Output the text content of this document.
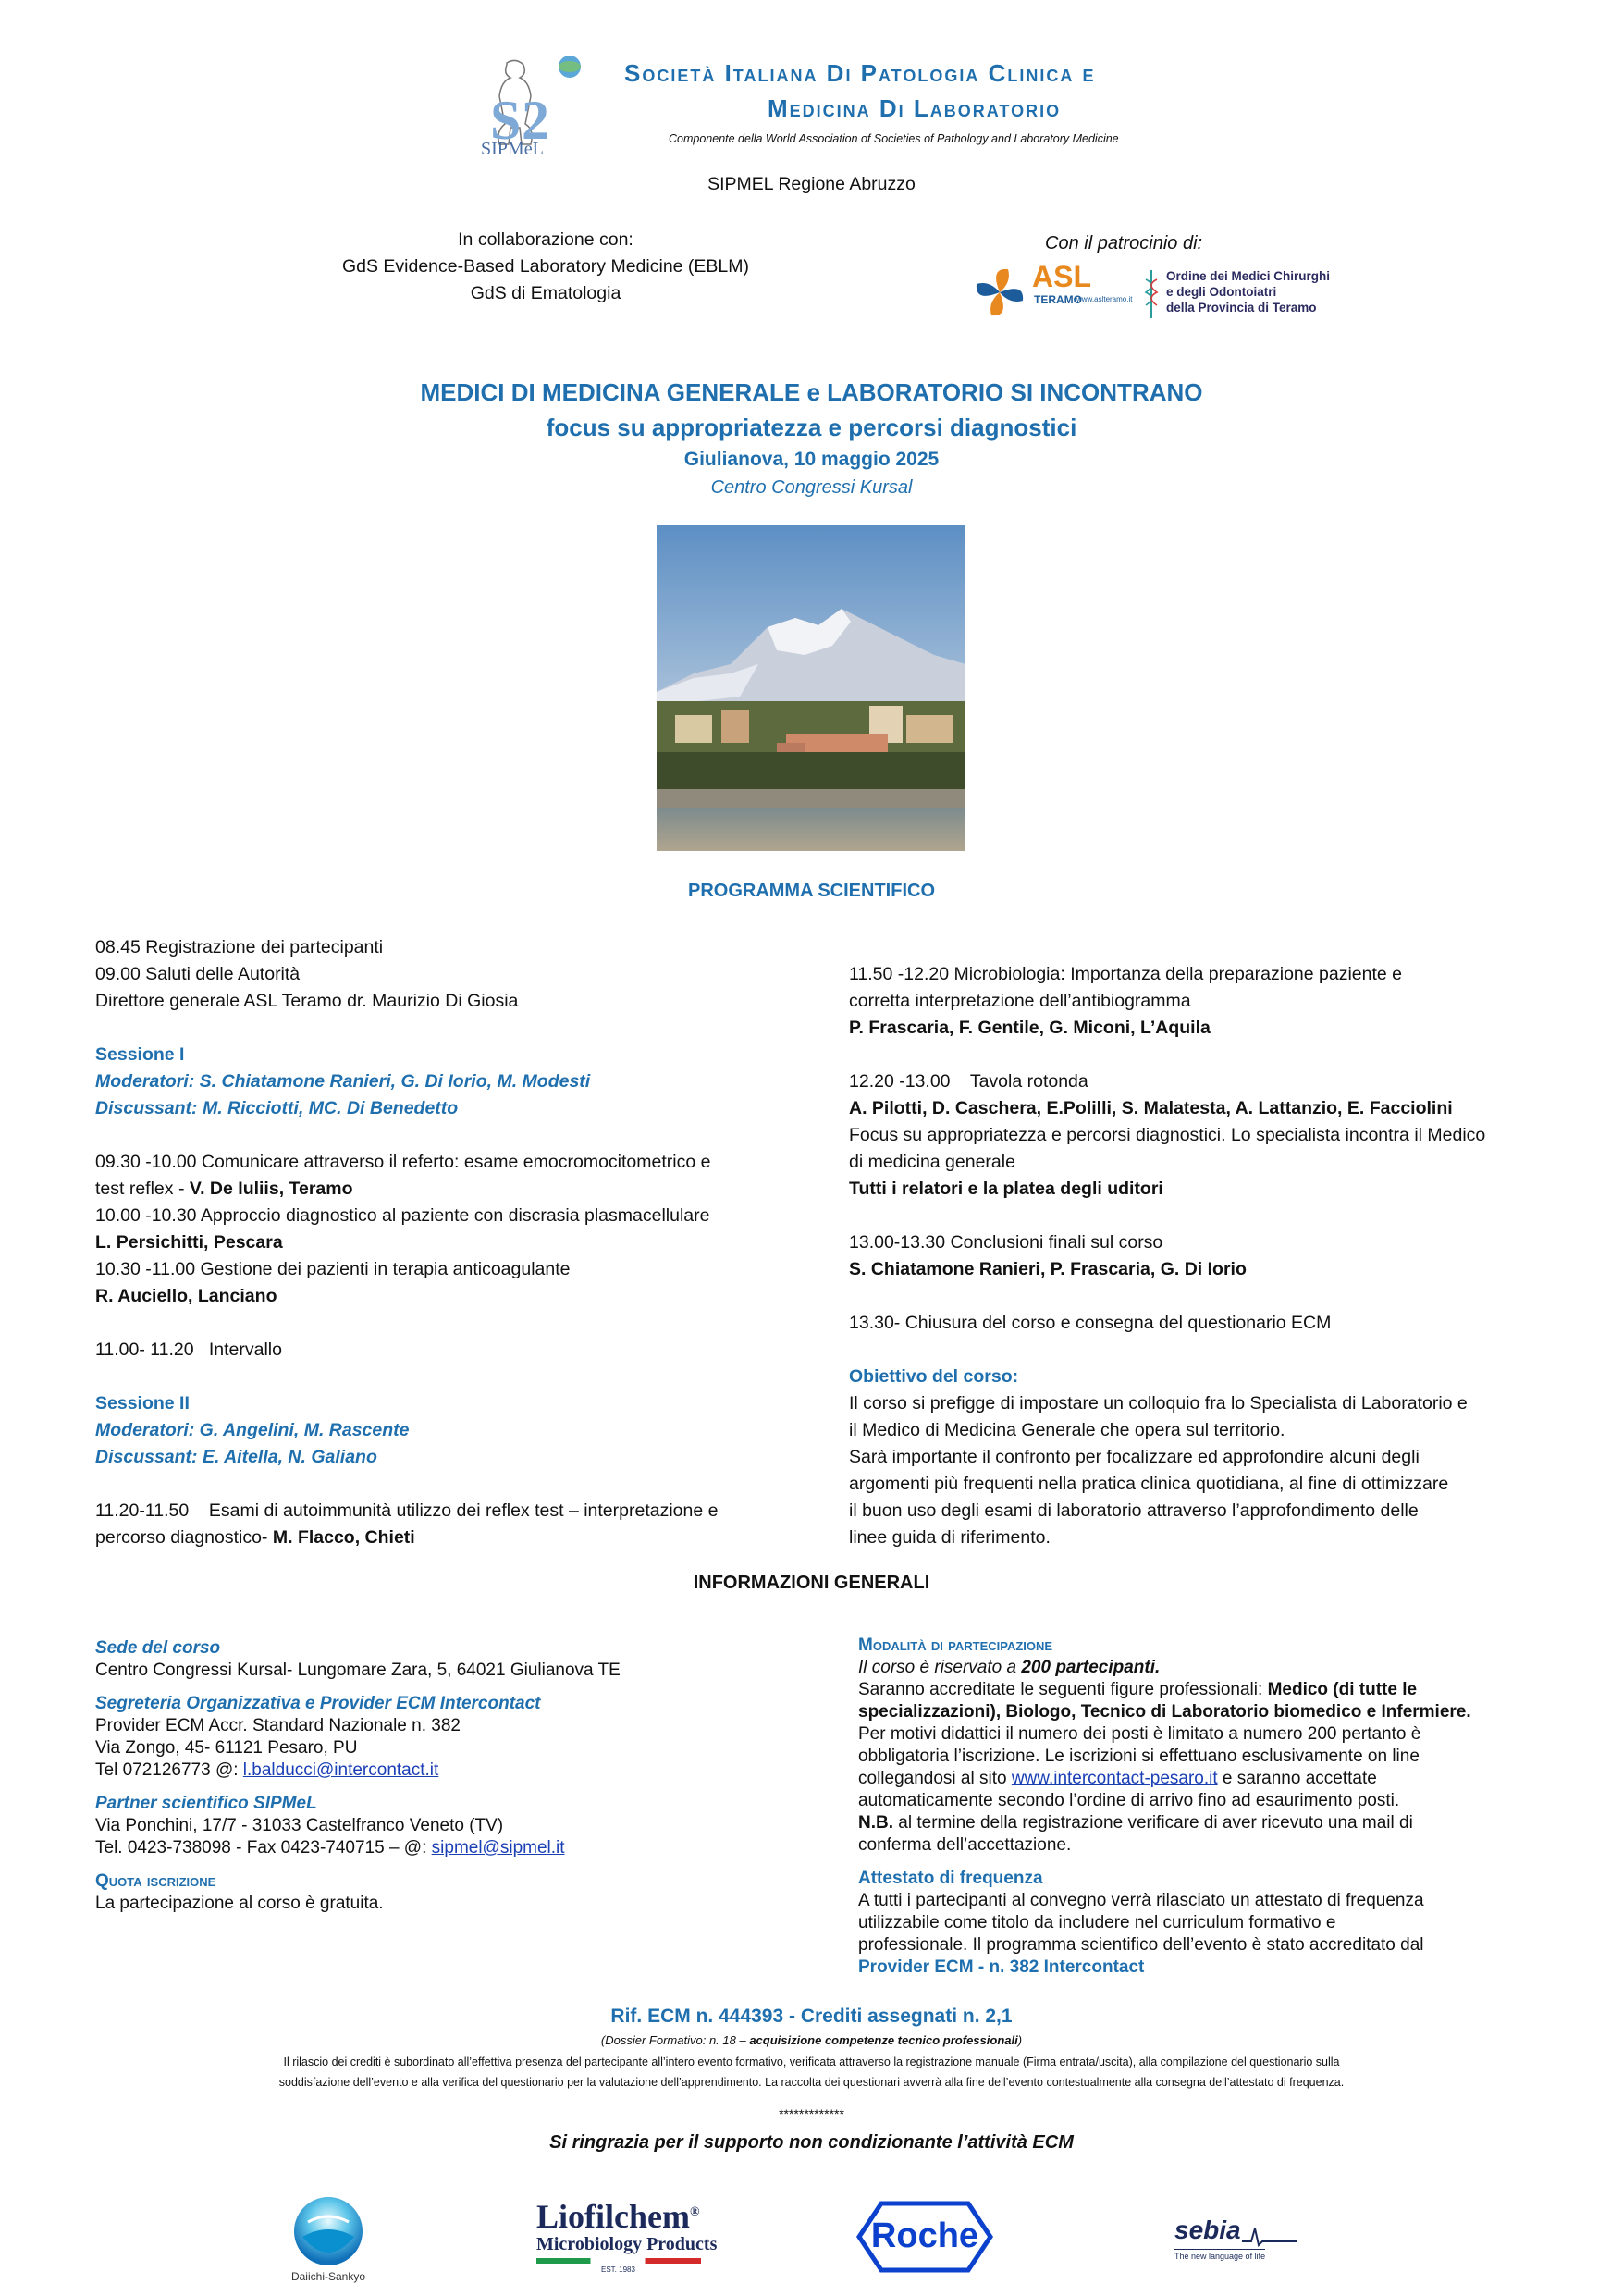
S 2
SIPMeL
Società Italiana Di Patologia Clinica e
Medicina Di Laboratorio
Componente della World Association of Societies of Pathology and Laboratory Medicine
SIPMEL Regione Abruzzo
In collaborazione con:
GdS Evidence-Based Laboratory Medicine (EBLM)
GdS di Ematologia
Con il patrocinio di:
ASL
TERAMO
www.aslteramo.it
Ordine dei Medici Chirurghi
e degli Odontoiatri
della Provincia di Teramo
MEDICI DI MEDICINA GENERALE e LABORATORIO SI INCONTRANO
focus su appropriatezza e percorsi diagnostici
Giulianova, 10 maggio 2025
Centro Congressi Kursal
PROGRAMMA SCIENTIFICO
08.45 Registrazione dei partecipanti
09.00 Saluti delle Autorità
Direttore generale ASL Teramo dr. Maurizio Di Giosia
Sessione I
Moderatori: S. Chiatamone Ranieri, G. Di Iorio, M. Modesti
Discussant: M. Ricciotti, MC. Di Benedetto
09.30 -10.00 Comunicare attraverso il referto: esame emocromocitometrico e
test reflex - V. De Iuliis, Teramo
10.00 -10.30 Approccio diagnostico al paziente con discrasia plasmacellulare
L. Persichitti, Pescara
10.30 -11.00 Gestione dei pazienti in terapia anticoagulante
R. Auciello, Lanciano
11.00- 11.20   Intervallo
Sessione II
Moderatori: G. Angelini, M. Rascente
Discussant: E. Aitella, N. Galiano
11.20-11.50    Esami di autoimmunità utilizzo dei reflex test – interpretazione e
percorso diagnostico- M. Flacco, Chieti
11.50 -12.20 Microbiologia: Importanza della preparazione paziente e
corretta interpretazione dell’antibiogramma
P. Frascaria, F. Gentile, G. Miconi, L’Aquila
12.20 -13.00    Tavola rotonda
A. Pilotti, D. Caschera, E.Polilli, S. Malatesta, A. Lattanzio, E. Facciolini
Focus su appropriatezza e percorsi diagnostici. Lo specialista incontra il Medico
di medicina generale
Tutti i relatori e la platea degli uditori
13.00-13.30 Conclusioni finali sul corso
S. Chiatamone Ranieri, P. Frascaria, G. Di Iorio
13.30- Chiusura del corso e consegna del questionario ECM
Obiettivo del corso:
Il corso si prefigge di impostare un colloquio fra lo Specialista di Laboratorio e
il Medico di Medicina Generale che opera sul territorio.
Sarà importante il confronto per focalizzare ed approfondire alcuni degli
argomenti più frequenti nella pratica clinica quotidiana, al fine di ottimizzare
il buon uso degli esami di laboratorio attraverso l’approfondimento delle
linee guida di riferimento.
INFORMAZIONI GENERALI
Sede del corso
Centro Congressi Kursal- Lungomare Zara, 5, 64021 Giulianova TE
Segreteria Organizzativa e Provider ECM Intercontact
Provider ECM Accr. Standard Nazionale n. 382
Via Zongo, 45- 61121 Pesaro, PU
Tel 072126773 @: l.balducci@intercontact.it
Partner scientifico SIPMeL
Via Ponchini, 17/7 - 31033 Castelfranco Veneto (TV)
Tel. 0423-738098 - Fax 0423-740715 – @: sipmel@sipmel.it
Quota iscrizione
La partecipazione al corso è gratuita.
Modalità di partecipazione
Il corso è riservato a 200 partecipanti.
Saranno accreditate le seguenti figure professionali: Medico (di tutte le
specializzazioni), Biologo, Tecnico di Laboratorio biomedico e Infermiere.
Per motivi didattici il numero dei posti è limitato a numero 200 pertanto è
obbligatoria l’iscrizione. Le iscrizioni si effettuano esclusivamente on line
collegandosi al sito www.intercontact-pesaro.it e saranno accettate
automaticamente secondo l’ordine di arrivo fino ad esaurimento posti.
N.B. al termine della registrazione verificare di aver ricevuto una mail di
conferma dell’accettazione.
Attestato di frequenza
A tutti i partecipanti al convegno verrà rilasciato un attestato di frequenza
utilizzabile come titolo da includere nel curriculum formativo e
professionale. Il programma scientifico dell’evento è stato accreditato dal
Provider ECM - n. 382 Intercontact
Rif. ECM n. 444393 - Crediti assegnati n. 2,1
(Dossier Formativo: n. 18 – acquisizione competenze tecnico professionali)
Il rilascio dei crediti è subordinato all’effettiva presenza del partecipante all’intero evento formativo, verificata attraverso la registrazione manuale (Firma entrata/uscita), alla compilazione del questionario sulla
soddisfazione dell’evento e alla verifica del questionario per la valutazione dell’apprendimento. La raccolta dei questionari avverrà alla fine dell’evento contestualmente alla consegna dell’attestato di frequenza.
*************
Si ringrazia per il supporto non condizionante l’attività ECM
Daiichi-Sankyo
Liofilchem®
Microbiology Products
EST. 1983
Roche	sebia
The new language of life
